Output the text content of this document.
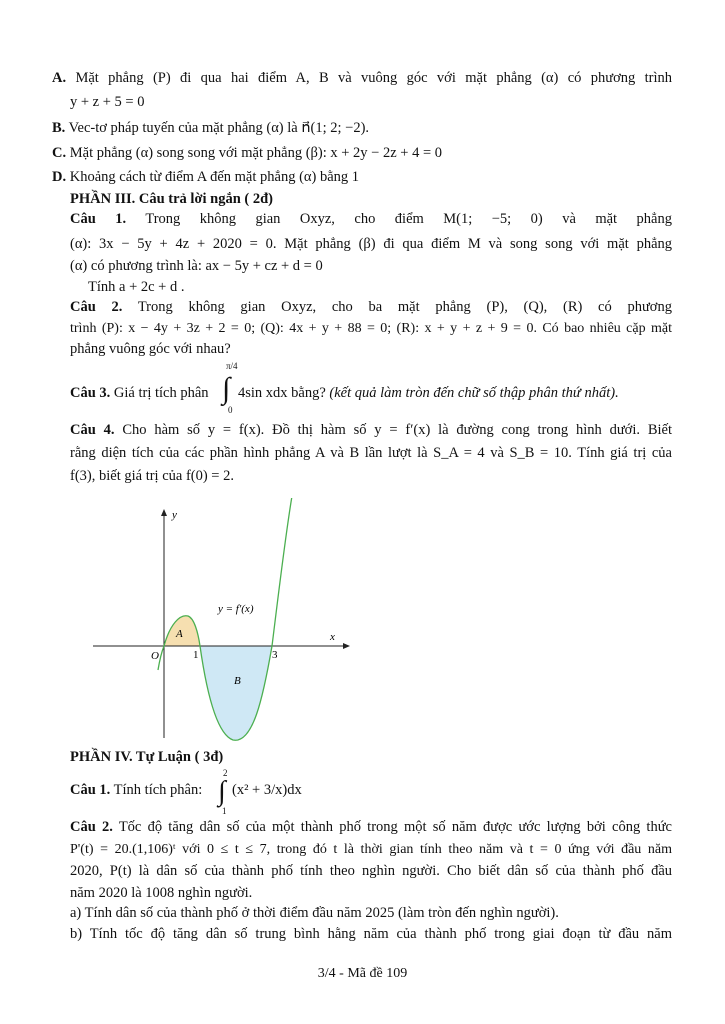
A. Mặt phẳng (P) đi qua hai điểm A, B và vuông góc với mặt phẳng (α) có phương trình
y + z + 5 = 0
B. Vec-tơ pháp tuyến của mặt phẳng (α) là n⃗(1; 2; −2).
C. Mặt phẳng (α) song song với mặt phẳng (β): x + 2y − 2z + 4 = 0
D. Khoảng cách từ điểm A đến mặt phẳng (α) bằng 1
PHẦN III. Câu trả lời ngắn ( 2đ)
Câu 1. Trong không gian Oxyz, cho điểm M(1; −5; 0) và mặt phẳng
(α): 3x − 5y + 4z + 2020 = 0. Mặt phẳng (β) đi qua điểm M và song song với mặt phẳng
(α) có phương trình là: ax − 5y + cz + d = 0
Tính a + 2c + d .
Câu 2. Trong không gian Oxyz, cho ba mặt phẳng (P), (Q), (R) có phương
trình (P): x − 4y + 3z + 2 = 0; (Q): 4x + y + 88 = 0; (R): x + y + z + 9 = 0. Có bao nhiêu cặp mặt
phẳng vuông góc với nhau?
Câu 3. Giá trị tích phân
π/4
∫
0
4sin xdx bằng? (kết quả làm tròn đến chữ số thập phân thứ nhất).
Câu 4. Cho hàm số y = f(x). Đồ thị hàm số y = f′(x) là đường cong trong hình dưới. Biết
rằng diện tích của các phần hình phẳng A và B lần lượt là S_A = 4 và S_B = 10. Tính giá trị của
f(3), biết giá trị của f(0) = 2.
y
x
O	1	3
y = f′(x)
A
B
PHẦN IV. Tự Luận ( 3đ)
Câu 1. Tính tích phân:
2
∫
1
(x² + 3/x)dx
Câu 2. Tốc độ tăng dân số của một thành phố trong một số năm được ước lượng bởi công thức
P'(t) = 20.(1,106)ᵗ với 0 ≤ t ≤ 7, trong đó t là thời gian tính theo năm và t = 0 ứng với đầu năm
2020, P(t) là dân số của thành phố tính theo nghìn người. Cho biết dân số của thành phố đầu
năm 2020 là 1008 nghìn người.
a) Tính dân số của thành phố ở thời điểm đầu năm 2025 (làm tròn đến nghìn người).
b) Tính tốc độ tăng dân số trung bình hằng năm của thành phố trong giai đoạn từ đầu năm
3/4 - Mã đề 109
